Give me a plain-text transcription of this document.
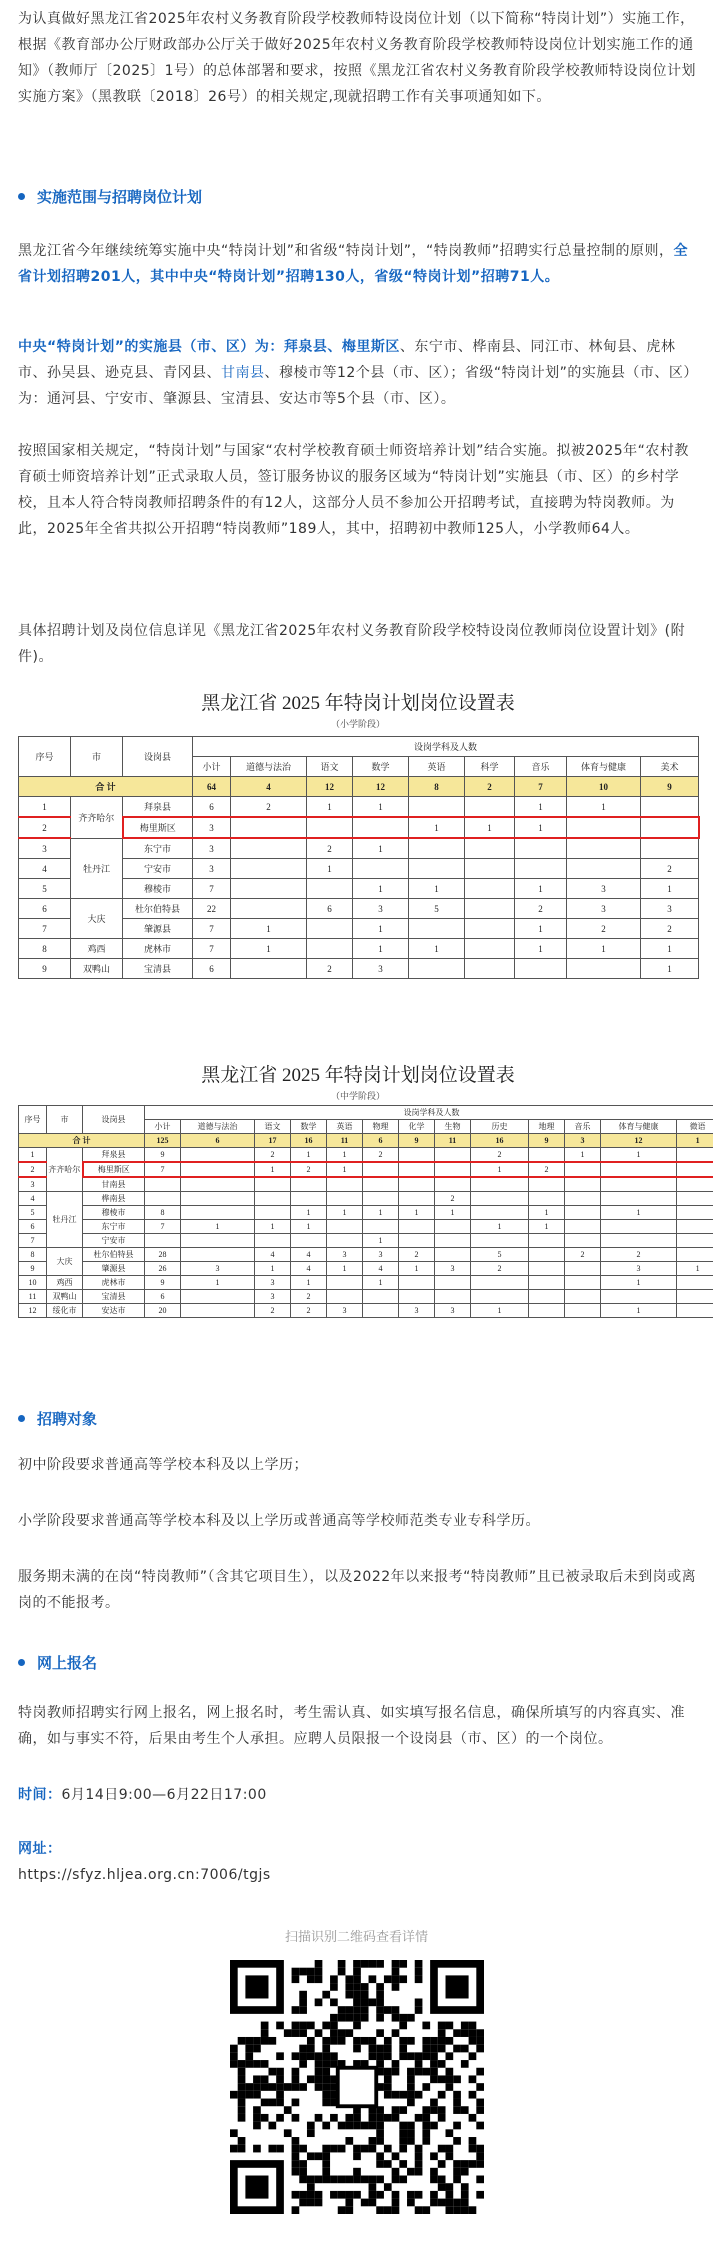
为认真做好黑龙江省2025年农村义务教育阶段学校教师特设岗位计划（以下简称“特岗计划”）实施工作，根据《教育部办公厅财政部办公厅关于做好2025年农村义务教育阶段学校教师特设岗位计划实施工作的通知》（教师厅〔2025〕1号）的总体部署和要求，按照《黑龙江省农村义务教育阶段学校教师特设岗位计划实施方案》（黑教联〔2018〕26号）的相关规定,现就招聘工作有关事项通知如下。

实施范围与招聘岗位计划

黑龙江省今年继续统筹实施中央“特岗计划”和省级“特岗计划”，“特岗教师”招聘实行总量控制的原则，全省计划招聘201人，其中中央“特岗计划”招聘130人，省级“特岗计划”招聘71人。

中央“特岗计划”的实施县（市、区）为：拜泉县、梅里斯区、东宁市、桦南县、同江市、林甸县、虎林市、孙吴县、逊克县、青冈县、甘南县、穆棱市等12个县（市、区）；省级“特岗计划”的实施县（市、区）为：通河县、宁安市、肇源县、宝清县、安达市等5个县（市、区）。

按照国家相关规定，“特岗计划”与国家“农村学校教育硕士师资培养计划”结合实施。拟被2025年“农村教育硕士师资培养计划”正式录取人员，签订服务协议的服务区域为“特岗计划”实施县（市、区）的乡村学校，且本人符合特岗教师招聘条件的有12人，这部分人员不参加公开招聘考试，直接聘为特岗教师。为此，2025年全省共拟公开招聘“特岗教师”189人，其中，招聘初中教师125人，小学教师64人。

具体招聘计划及岗位信息详见《黑龙江省2025年农村义务教育阶段学校特设岗位教师岗位设置计划》(附件)。

黑龙江省 2025 年特岗计划岗位设置表

（小学阶段）

序号	市	设岗县	设岗学科及人数								
			小计	道德与法治	语文	数学	英语	科学	音乐	体育与健康	美术
合 计			64	4	12	12	8	2	7	10	9
1	齐齐哈尔	拜泉县	6	2	1	1			1	1	
2		梅里斯区	3				1	1	1		
3	牡丹江	东宁市	3		2	1					
4		宁安市	3		1						2
5		穆棱市	7			1	1		1	3	1
6	大庆	杜尔伯特县	22		6	3	5		2	3	3
7		肇源县	7	1		1			1	2	2
8	鸡西	虎林市	7	1		1	1		1	1	1
9	双鸭山	宝清县	6		2	3					1

黑龙江省 2025 年特岗计划岗位设置表

（中学阶段）

序号	市	设岗县	设岗学科及人数												
			小计	道德与法治	语文	数学	英语	物理	化学	生物	历史	地理	音乐	体育与健康	微语
合 计			125	6	17	16	11	6	9	11	16	9	3	12	1
1	齐齐哈尔	拜泉县	9		2	1	1	2			2		1	1	
2		梅里斯区	7		1	2	1				1	2			
3		甘南县													
4	牡丹江	桦南县								2					
5		穆棱市	8			1	1	1	1	1		1		1	
6		东宁市	7	1	1	1					1	1			
7		宁安市						1							
8	大庆	杜尔伯特县	28		4	4	3	3	2		5		2	2	
9		肇源县	26	3	1	4	1	4	1	3	2			3	1
10	鸡西	虎林市	9	1	3	1		1						1	
11	双鸭山	宝清县	6		3	2									
12	绥化市	安达市	20		2	2	3		3	3	1			1	
招聘对象

初中阶段要求普通高等学校本科及以上学历；

小学阶段要求普通高等学校本科及以上学历或普通高等学校师范类专业专科学历。

服务期未满的在岗“特岗教师”（含其它项目生），以及2022年以来报考“特岗教师”且已被录取后未到岗或离岗的不能报考。

网上报名

特岗教师招聘实行网上报名，网上报名时，考生需认真、如实填写报名信息，确保所填写的内容真实、准确，如与事实不符，后果由考生个人承担。应聘人员限报一个设岗县（市、区）的一个岗位。

时间：6月14日9:00—6月22日17:00

网址：

https://sfyz.hljea.org.cn:7006/tgjs

扫描识别二维码查看详情
